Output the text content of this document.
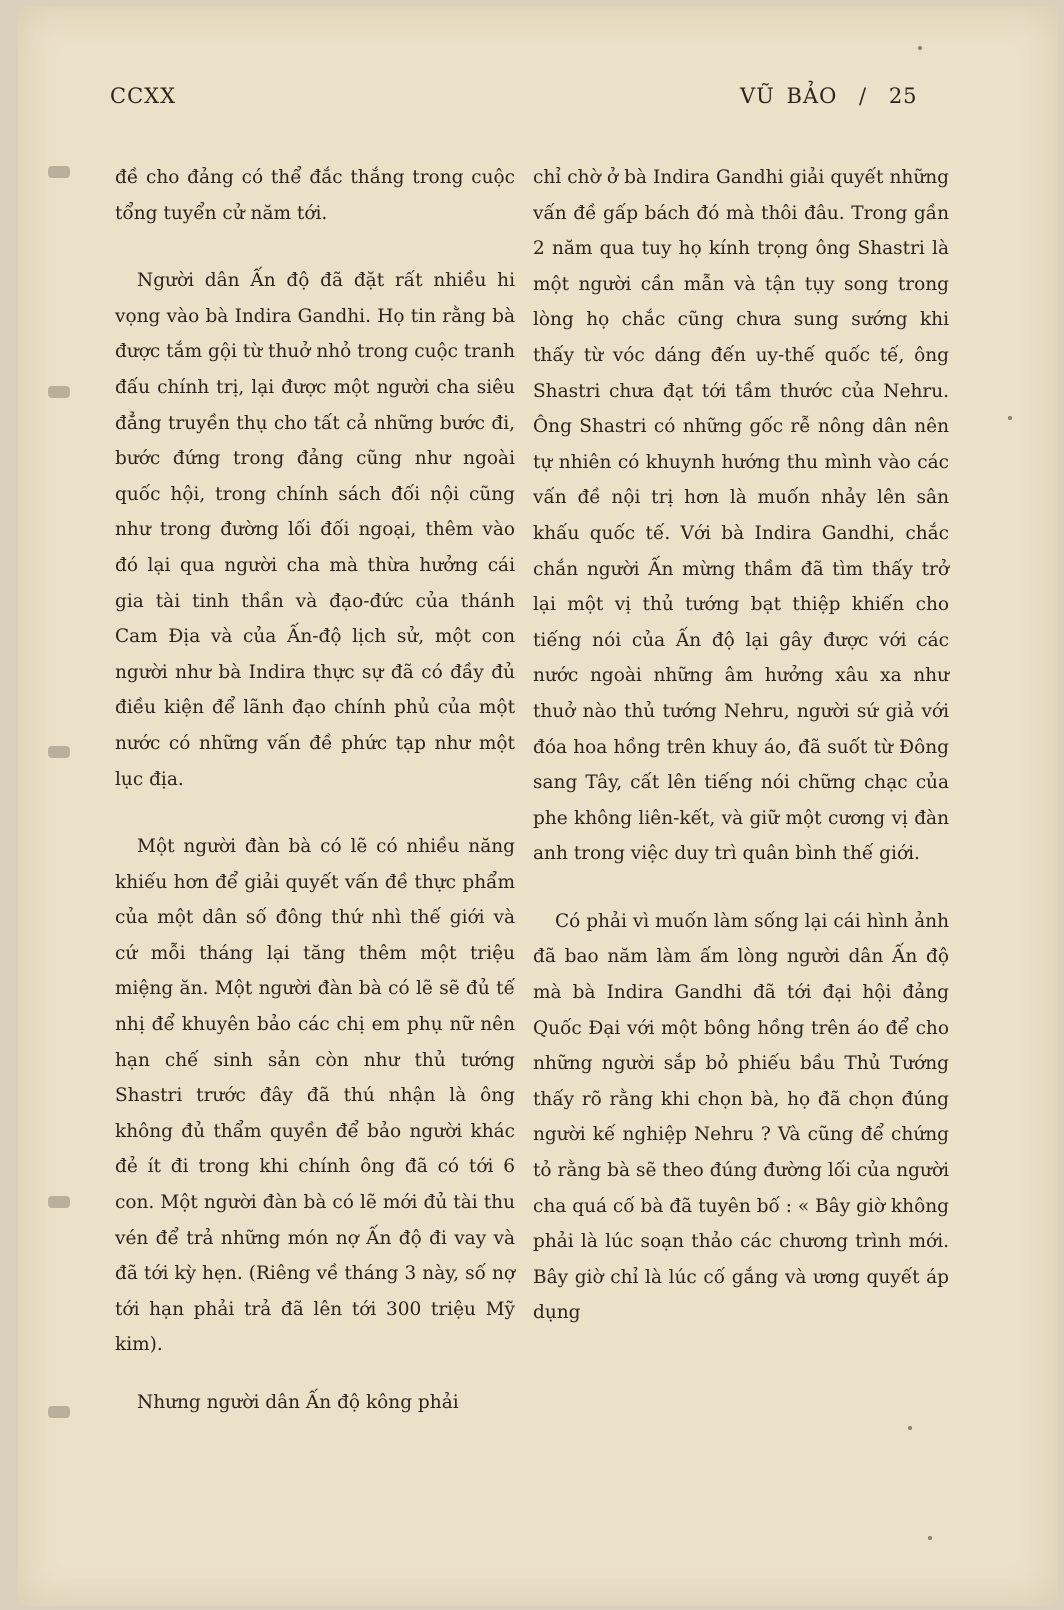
CCXX	VŨ BẢO / 25

đề cho đảng có thể đắc thắng trong cuộc tổng tuyển cử năm tới.

Người dân Ấn độ đã đặt rất nhiều hi vọng vào bà Indira Gandhi. Họ tin rằng bà được tắm gội từ thuở nhỏ trong cuộc tranh đấu chính trị, lại được một người cha siêu đẳng truyền thụ cho tất cả những bước đi, bước đứng trong đảng cũng như ngoài quốc hội, trong chính sách đối nội cũng như trong đường lối đối ngoại, thêm vào đó lại qua người cha mà thừa hưởng cái gia tài tinh thần và đạo-đức của thánh Cam Địa và của Ấn-độ lịch sử, một con người như bà Indira thực sự đã có đầy đủ điều kiện để lãnh đạo chính phủ của một nước có những vấn đề phức tạp như một lục địa.

Một người đàn bà có lẽ có nhiều năng khiếu hơn để giải quyết vấn đề thực phẩm của một dân số đông thứ nhì thế giới và cứ mỗi tháng lại tăng thêm một triệu miệng ăn. Một người đàn bà có lẽ sẽ đủ tế nhị để khuyên bảo các chị em phụ nữ nên hạn chế sinh sản còn như thủ tướng Shastri trước đây đã thú nhận là ông không đủ thẩm quyền để bảo người khác đẻ ít đi trong khi chính ông đã có tới 6 con. Một người đàn bà có lẽ mới đủ tài thu vén để trả những món nợ Ấn độ đi vay và đã tới kỳ hẹn. (Riêng về tháng 3 này, số nợ tới hạn phải trả đã lên tới 300 triệu Mỹ kim).

Nhưng người dân Ấn độ kông phải

chỉ chờ ở bà Indira Gandhi giải quyết những vấn đề gấp bách đó mà thôi đâu. Trong gần 2 năm qua tuy họ kính trọng ông Shastri là một người cần mẫn và tận tụy song trong lòng họ chắc cũng chưa sung sướng khi thấy từ vóc dáng đến uy-thế quốc tế, ông Shastri chưa đạt tới tầm thước của Nehru. Ông Shastri có những gốc rễ nông dân nên tự nhiên có khuynh hướng thu mình vào các vấn đề nội trị hơn là muốn nhảy lên sân khấu quốc tế. Với bà Indira Gandhi, chắc chắn người Ấn mừng thầm đã tìm thấy trở lại một vị thủ tướng bạt thiệp khiến cho tiếng nói của Ấn độ lại gây được với các nước ngoài những âm hưởng xâu xa như thuở nào thủ tướng Nehru, người sứ giả với đóa hoa hồng trên khuy áo, đã suốt từ Đông sang Tây, cất lên tiếng nói chững chạc của phe không liên-kết, và giữ một cương vị đàn anh trong việc duy trì quân bình thế giới.

Có phải vì muốn làm sống lại cái hình ảnh đã bao năm làm ấm lòng người dân Ấn độ mà bà Indira Gandhi đã tới đại hội đảng Quốc Đại với một bông hồng trên áo để cho những người sắp bỏ phiếu bầu Thủ Tướng thấy rõ rằng khi chọn bà, họ đã chọn đúng người kế nghiệp Nehru ? Và cũng để chứng tỏ rằng bà sẽ theo đúng đường lối của người cha quá cố bà đã tuyên bố : « Bây giờ không phải là lúc soạn thảo các chương trình mới. Bây giờ chỉ là lúc cố gắng và ương quyết áp dụng
